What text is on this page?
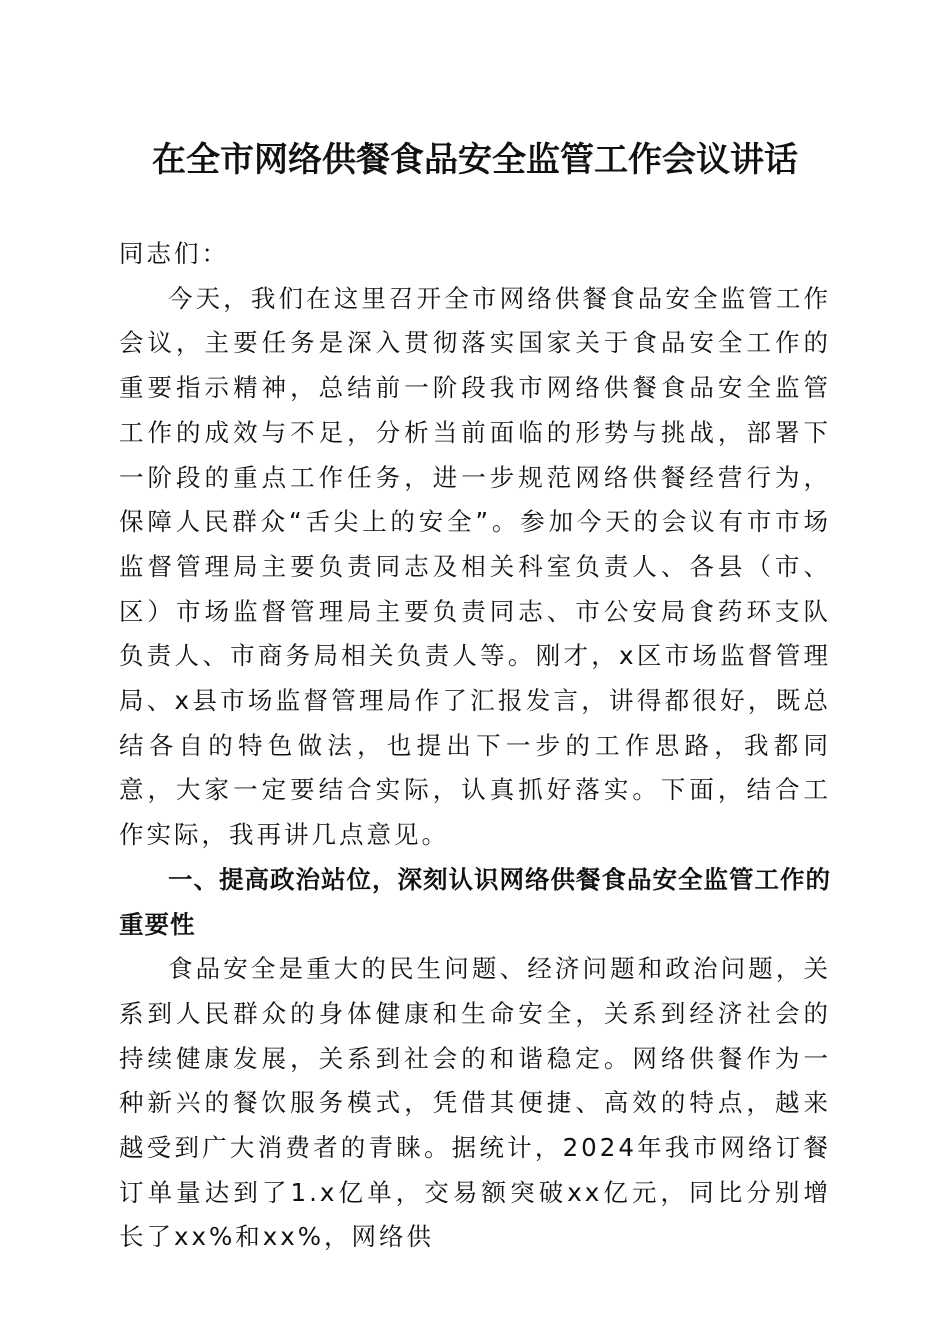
在全市网络供餐食品安全监管工作会议讲话

同志们：

今天，我们在这里召开全市网络供餐食品安全监管工作会议，主要任务是深入贯彻落实国家关于食品安全工作的重要指示精神，总结前一阶段我市网络供餐食品安全监管工作的成效与不足，分析当前面临的形势与挑战，部署下一阶段的重点工作任务，进一步规范网络供餐经营行为，保障人民群众“舌尖上的安全”。参加今天的会议有市市场监督管理局主要负责同志及相关科室负责人、各县（市、区）市场监督管理局主要负责同志、市公安局食药环支队负责人、市商务局相关负责人等。刚才，x区市场监督管理局、x县市场监督管理局作了汇报发言，讲得都很好，既总结各自的特色做法，也提出下一步的工作思路，我都同意，大家一定要结合实际，认真抓好落实。下面，结合工作实际，我再讲几点意见。

一、提高政治站位，深刻认识网络供餐食品安全监管工作的重要性

食品安全是重大的民生问题、经济问题和政治问题，关系到人民群众的身体健康和生命安全，关系到经济社会的持续健康发展，关系到社会的和谐稳定。网络供餐作为一种新兴的餐饮服务模式，凭借其便捷、高效的特点，越来越受到广大消费者的青睐。据统计，2024年我市网络订餐订单量达到了1.x亿单，交易额突破xx亿元，同比分别增长了xx%和xx%，网络供
